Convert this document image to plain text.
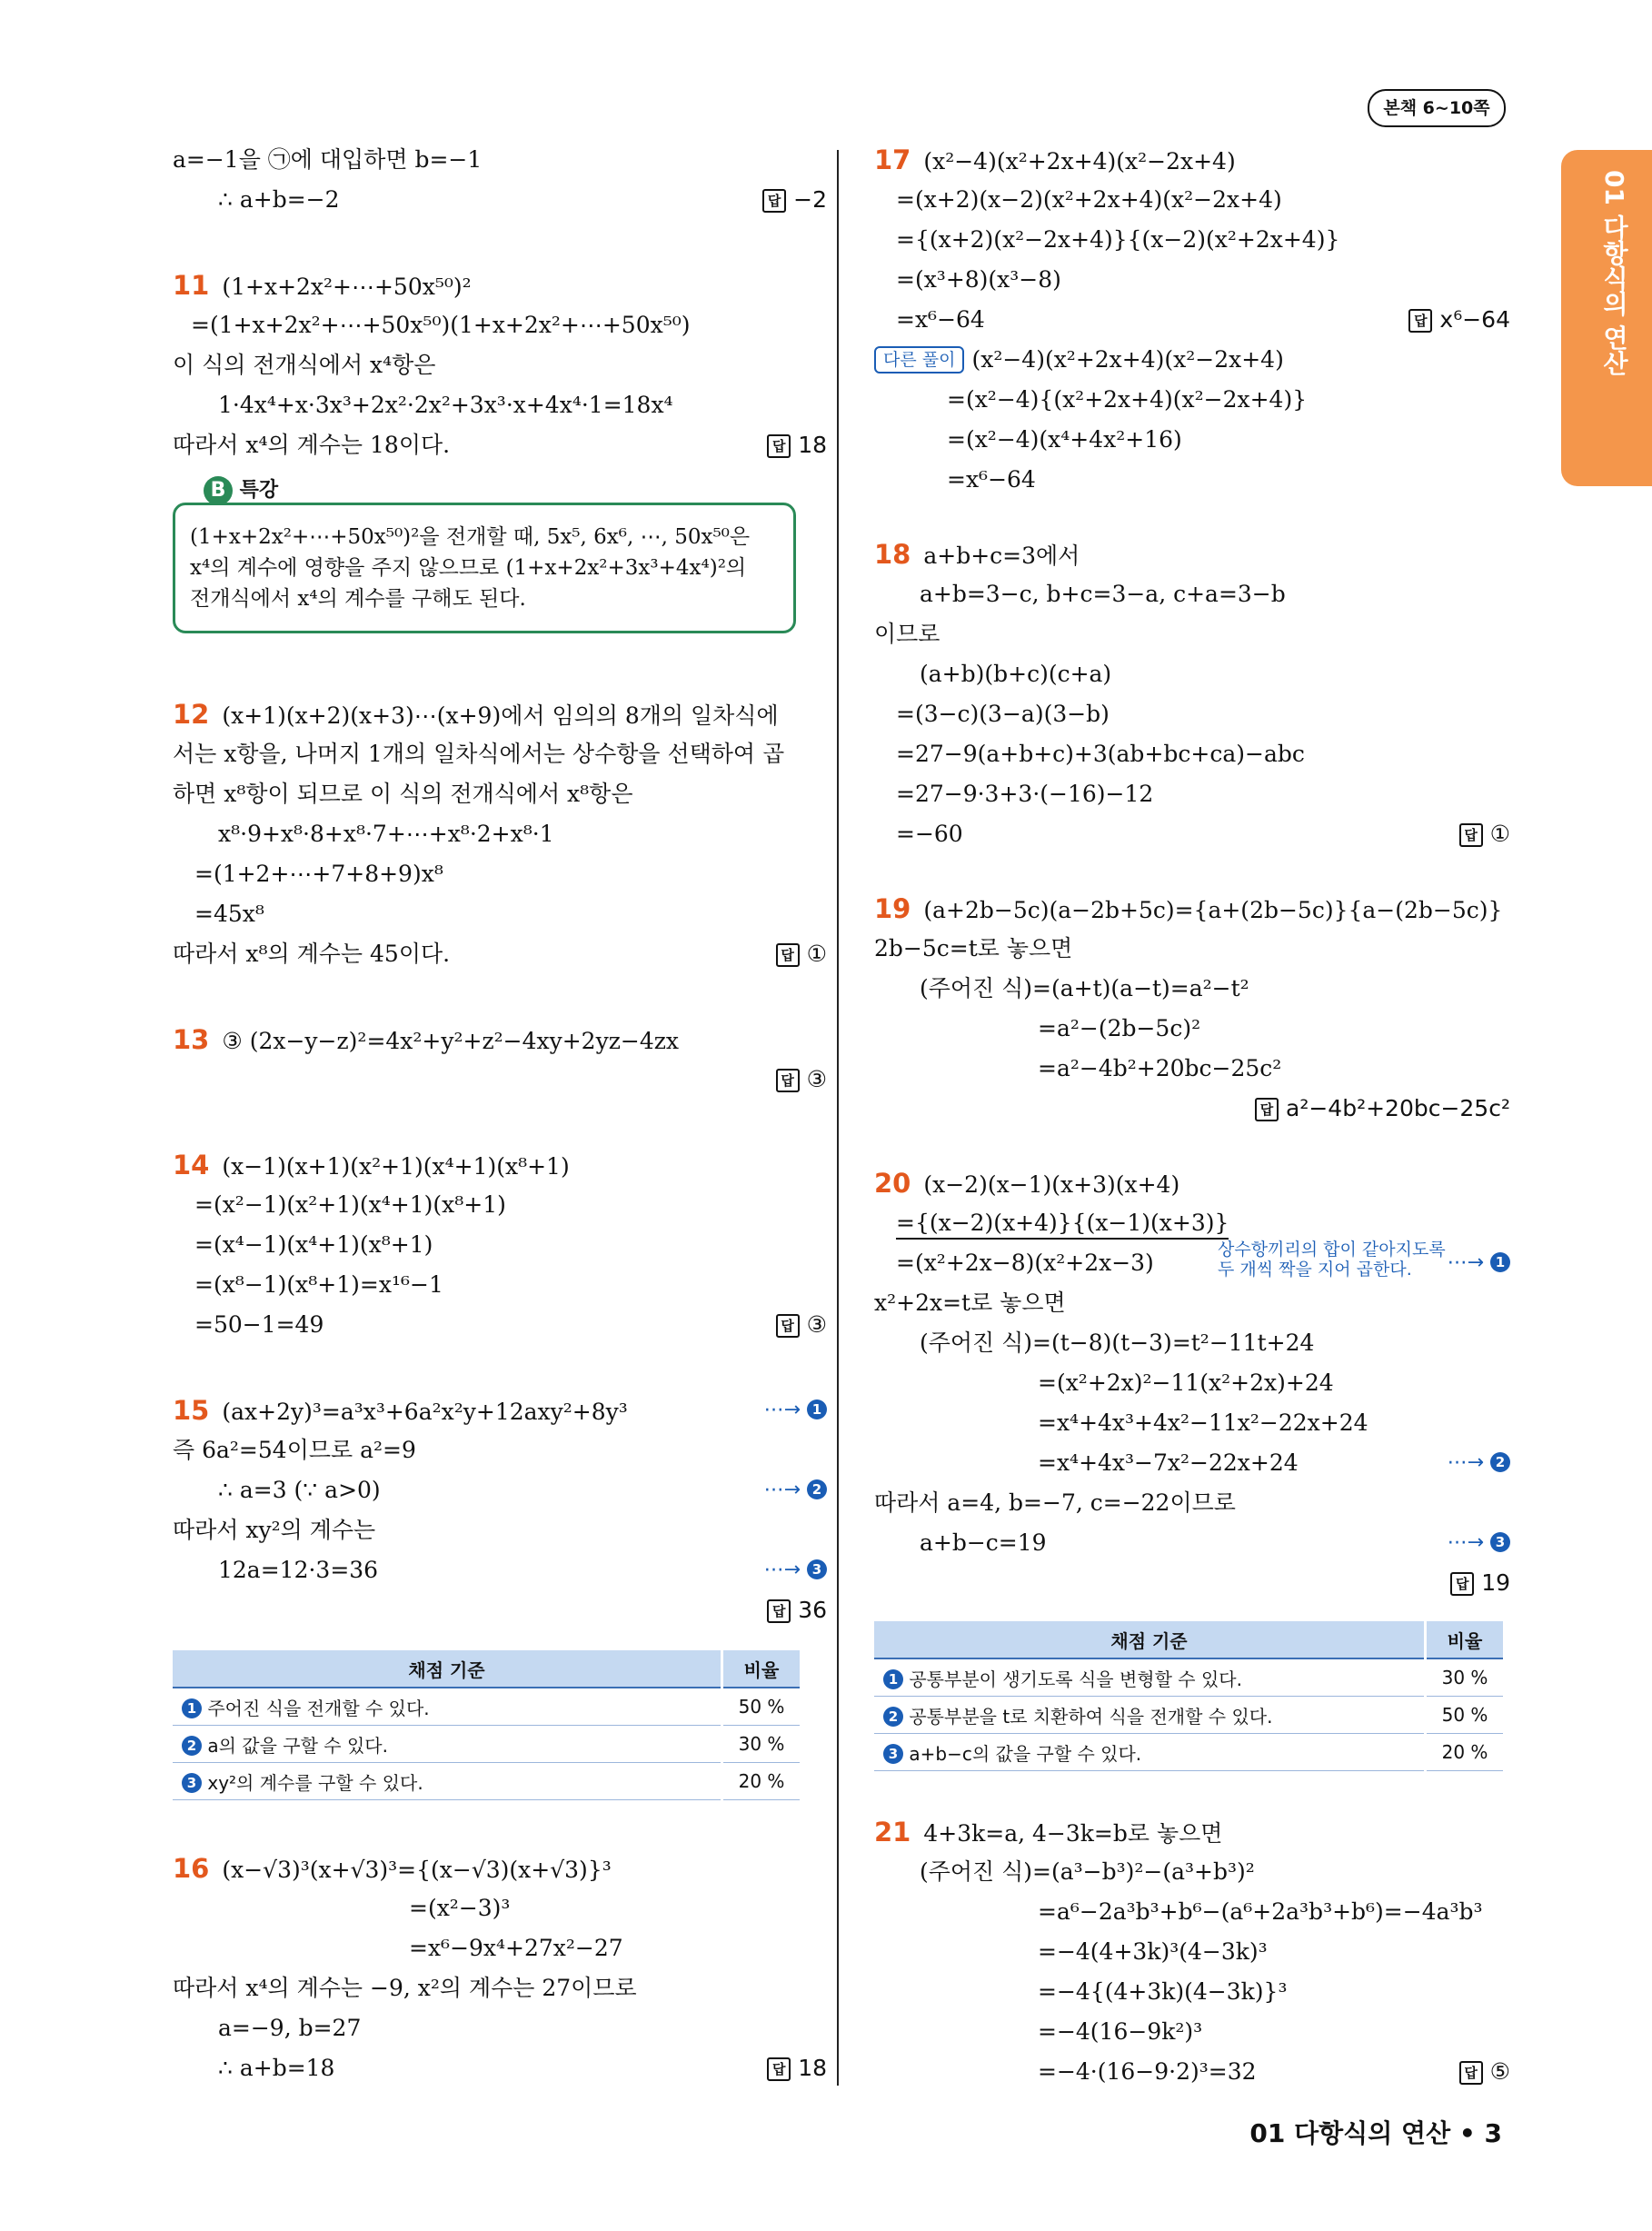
본책 6~10쪽
01 다항식의 연산
a=−1을 ㉠에 대입하면 b=−1
∴ a+b=−2	답 −2
11 (1+x+2x²+⋯+50x⁵⁰)²
=(1+x+2x²+⋯+50x⁵⁰)(1+x+2x²+⋯+50x⁵⁰)
이 식의 전개식에서 x⁴항은
1·4x⁴+x·3x³+2x²·2x²+3x³·x+4x⁴·1=18x⁴
따라서 x⁴의 계수는 18이다.	답 18
B 특강
(1+x+2x²+⋯+50x⁵⁰)²을 전개할 때, 5x⁵, 6x⁶, ⋯, 50x⁵⁰은
x⁴의 계수에 영향을 주지 않으므로 (1+x+2x²+3x³+4x⁴)²의
전개식에서 x⁴의 계수를 구해도 된다.
12 (x+1)(x+2)(x+3)⋯(x+9)에서 임의의 8개의 일차식에
서는 x항을, 나머지 1개의 일차식에서는 상수항을 선택하여 곱
하면 x⁸항이 되므로 이 식의 전개식에서 x⁸항은
x⁸·9+x⁸·8+x⁸·7+⋯+x⁸·2+x⁸·1
=(1+2+⋯+7+8+9)x⁸
=45x⁸
따라서 x⁸의 계수는 45이다.	답 ①
13 ③ (2x−y−z)²=4x²+y²+z²−4xy+2yz−4zx
답 ③
14 (x−1)(x+1)(x²+1)(x⁴+1)(x⁸+1)
=(x²−1)(x²+1)(x⁴+1)(x⁸+1)
=(x⁴−1)(x⁴+1)(x⁸+1)
=(x⁸−1)(x⁸+1)=x¹⁶−1
=50−1=49	답 ③
15 (ax+2y)³=a³x³+6a²x²y+12axy²+8y³	⋯→ 1
즉 6a²=54이므로 a²=9
∴ a=3 (∵ a>0)	⋯→ 2
따라서 xy²의 계수는
12a=12·3=36	⋯→ 3
답 36
채점 기준	비율
1 주어진 식을 전개할 수 있다.	50 %
2 a의 값을 구할 수 있다.	30 %
3 xy²의 계수를 구할 수 있다.	20 %
16 (x−√3)³(x+√3)³={(x−√3)(x+√3)}³
=(x²−3)³
=x⁶−9x⁴+27x²−27
따라서 x⁴의 계수는 −9, x²의 계수는 27이므로
a=−9, b=27
∴ a+b=18	답 18
17 (x²−4)(x²+2x+4)(x²−2x+4)
=(x+2)(x−2)(x²+2x+4)(x²−2x+4)
={(x+2)(x²−2x+4)}{(x−2)(x²+2x+4)}
=(x³+8)(x³−8)
=x⁶−64	답 x⁶−64
다른 풀이 (x²−4)(x²+2x+4)(x²−2x+4)
=(x²−4){(x²+2x+4)(x²−2x+4)}
=(x²−4)(x⁴+4x²+16)
=x⁶−64
18 a+b+c=3에서
a+b=3−c, b+c=3−a, c+a=3−b
이므로
(a+b)(b+c)(c+a)
=(3−c)(3−a)(3−b)
=27−9(a+b+c)+3(ab+bc+ca)−abc
=27−9·3+3·(−16)−12
=−60	답 ①
19 (a+2b−5c)(a−2b+5c)={a+(2b−5c)}{a−(2b−5c)}
2b−5c=t로 놓으면
(주어진 식)=(a+t)(a−t)=a²−t²
=a²−(2b−5c)²
=a²−4b²+20bc−25c²
답 a²−4b²+20bc−25c²
20 (x−2)(x−1)(x+3)(x+4)
={(x−2)(x+4)}{(x−1)(x+3)}
=(x²+2x−8)(x²+2x−3)	상수항끼리의 합이 같아지도록
두 개씩 짝을 지어 곱한다.	⋯→ 1
x²+2x=t로 놓으면
(주어진 식)=(t−8)(t−3)=t²−11t+24
=(x²+2x)²−11(x²+2x)+24
=x⁴+4x³+4x²−11x²−22x+24
=x⁴+4x³−7x²−22x+24	⋯→ 2
따라서 a=4, b=−7, c=−22이므로
a+b−c=19	⋯→ 3
답 19
채점 기준	비율
1 공통부분이 생기도록 식을 변형할 수 있다.	30 %
2 공통부분을 t로 치환하여 식을 전개할 수 있다.	50 %
3 a+b−c의 값을 구할 수 있다.	20 %
21 4+3k=a, 4−3k=b로 놓으면
(주어진 식)=(a³−b³)²−(a³+b³)²
=a⁶−2a³b³+b⁶−(a⁶+2a³b³+b⁶)=−4a³b³
=−4(4+3k)³(4−3k)³
=−4{(4+3k)(4−3k)}³
=−4(16−9k²)³
=−4·(16−9·2)³=32	답 ⑤
01 다항식의 연산 • 3
